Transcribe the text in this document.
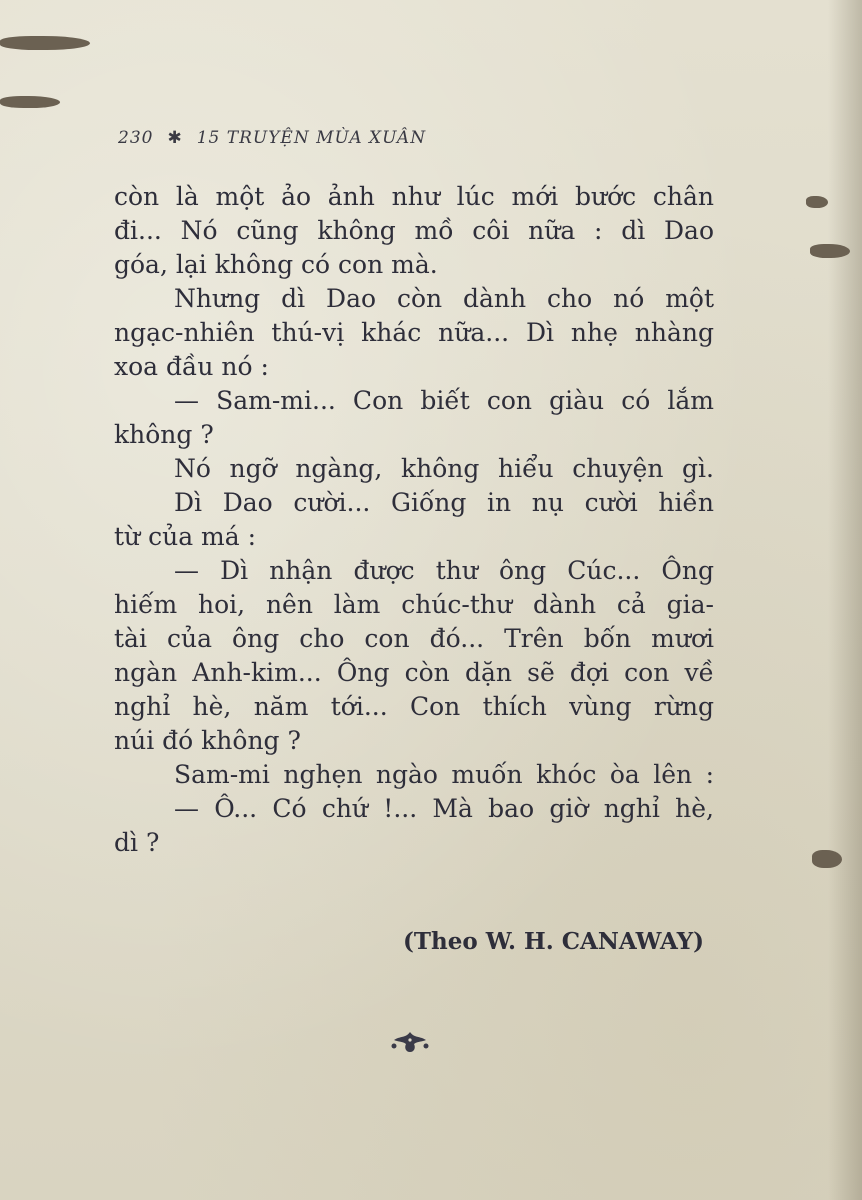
230 ✱ 15 TRUYỆN MÙA XUÂN
còn là một ảo ảnh như lúc mới bước chân
đi... Nó cũng không mồ côi nữa : dì Dao
góa, lại không có con mà.
Nhưng dì Dao còn dành cho nó một
ngạc-nhiên thú-vị khác nữa... Dì nhẹ nhàng
xoa đầu nó :
— Sam-mi... Con biết con giàu có lắm
không ?
Nó ngỡ ngàng, không hiểu chuyện gì.
Dì Dao cười... Giống in nụ cười hiền
từ của má :
— Dì nhận được thư ông Cúc... Ông
hiếm hoi, nên làm chúc-thư dành cả gia-
tài của ông cho con đó... Trên bốn mươi
ngàn Anh-kim... Ông còn dặn sẽ đợi con về
nghỉ hè, năm tới... Con thích vùng rừng
núi đó không ?
Sam-mi nghẹn ngào muốn khóc òa lên :
— Ô... Có chứ !... Mà bao giờ nghỉ hè,
dì ?
(Theo W. H. CANAWAY)
